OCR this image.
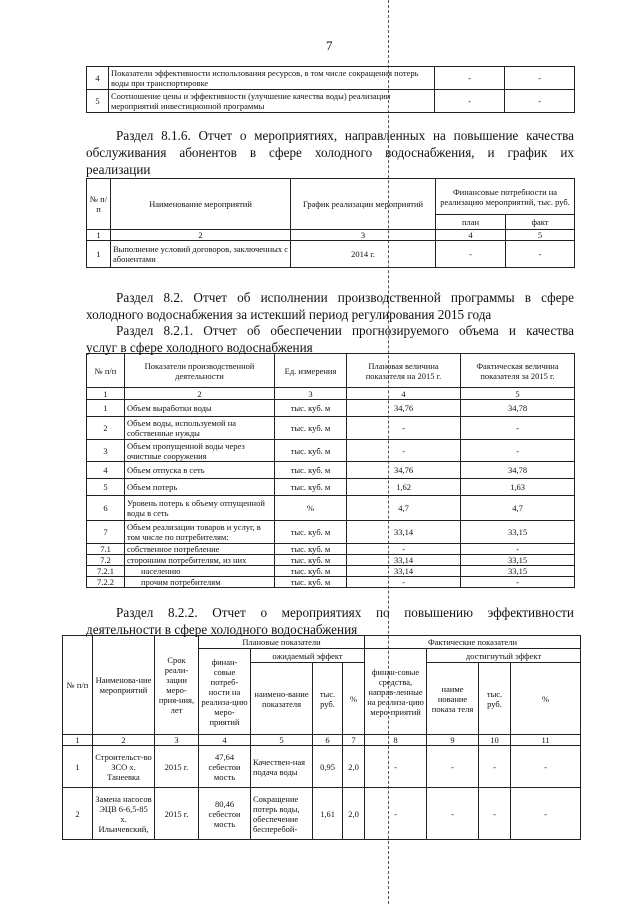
7
4	Показатели эффективности использования ресурсов, в том числе сокращения потерь воды при транспортировке	-	-
5	Соотношение цены и эффективности (улучшение качества воды) реализации мероприятий инвестиционной программы	-	-
Раздел 8.1.6. Отчет о мероприятиях, направленных на повышение качества
обслуживания абонентов в сфере холодного водоснабжения, и график их
реализации
№ п/п	Наименование мероприятий	График реализации мероприятий	Финансовые потребности на реализацию мероприятий, тыс. руб.	
			план	факт
1	2	3	4	5
1	Выполнение условий договоров, заключенных с абонентами	2014 г.	-	-
Раздел 8.2. Отчет об исполнении производственной программы в сфере
холодного водоснабжения за истекший период регулирования 2015 года
Раздел 8.2.1. Отчет об обеспечении прогнозируемого объема и качества
услуг в сфере холодного водоснабжения
№ п/п	Показатели производственной деятельности	Ед. измерения	Плановая величина показателя на 2015 г.	Фактическая величина показателя за 2015 г.
1	2	3	4	5
1	Объем выработки воды	тыс. куб. м	34,76	34,78
2	Объем воды, используемой на собственные нужды	тыс. куб. м	-	-
3	Объем пропущенной воды через очистные сооружения	тыс. куб. м	-	-
4	Объем отпуска в сеть	тыс. куб. м	34,76	34,78
5	Объем потерь	тыс. куб. м	1,62	1,63
6	Уровень потерь к объему отпущенной воды в сеть	%	4,7	4,7
7	Объем реализации товаров и услуг, в том числе по потребителям:	тыс. куб. м	33,14	33,15
7.1	собственное потребление	тыс. куб. м	-	-
7.2	сторонним потребителям, из них	тыс. куб. м	33,14	33,15
7.2.1	населению	тыс. куб. м	33,14	33,15
7.2.2	прочим потребителям	тыс. куб. м	-	-
Раздел 8.2.2. Отчет о мероприятиях по повышению эффективности
деятельности в сфере холодного водоснабжения
№ п/п	Наименова-ние мероприятий	Срок реали-зации меро-прия-ния, лет	Плановые показатели				Фактические показатели			
			финан-совые потреб-ности на реализа-цию меро-приятий	ожидаемый эффект			финан-совые средства, направ-ленные на реализа-цию меро-приятий	достигнутый эффект		
				наимено-вание показателя	тыс. руб.	%		наиме нование показа теля	тыс. руб.	%
1	2	3	4	5	6	7	8	9	10	11
1	Строительст-во ЗСО х. Танеевка	2015 г.	47,64 себестои мость	Качествен-ная подача воды	0,95	2,0	-	-	-	-
2	Замена насосов ЭЦВ 6-6,5-85 х. Ильичевский,	2015 г.	80,46 себестои мость	Сокращение потерь воды, обеспечение бесперебой-	1,61	2,0	-	-	-	-
